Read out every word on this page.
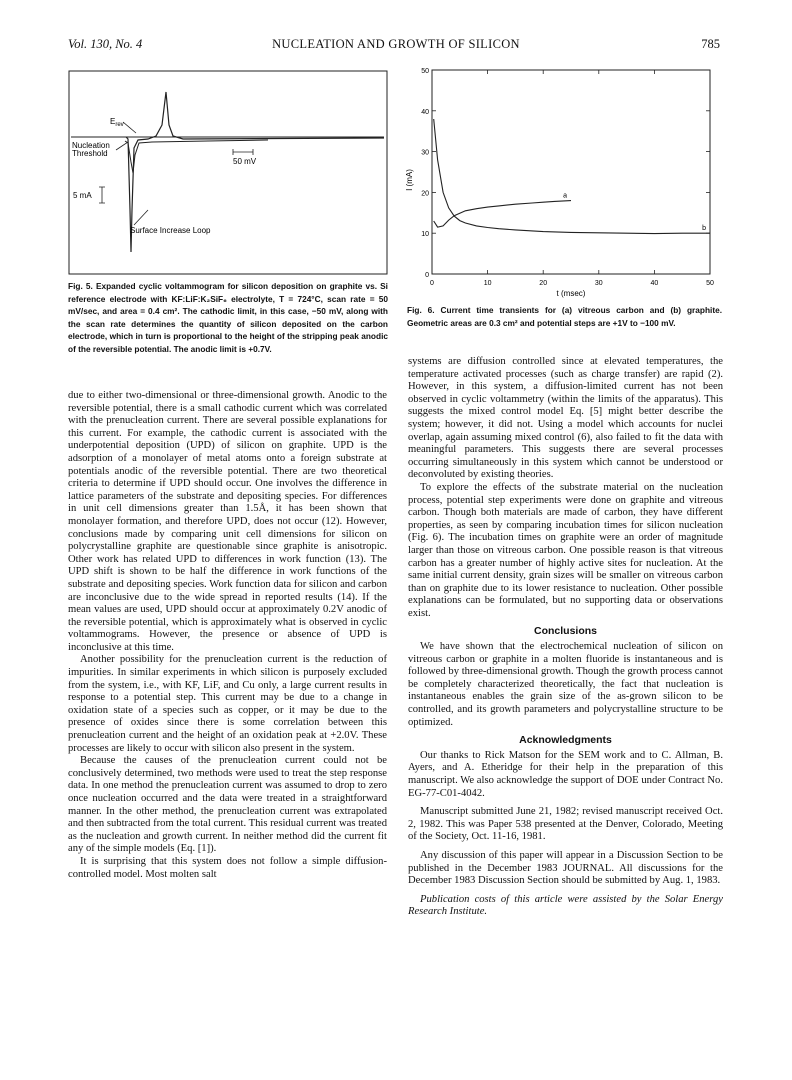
Vol. 130, No. 4	NUCLEATION AND GROWTH OF SILICON	785
$E_{rev}$
Nucleation
Threshold
50 mV
5 mA
Surface Increase Loop
Fig. 5. Expanded cyclic voltammogram for silicon deposition on graphite vs. Si reference electrode with KF:LiF:K₂SiF₆ electrolyte, T = 724°C, scan rate = 50 mV/sec, and area = 0.4 cm². The cathodic limit, in this case, −50 mV, along with the scan rate determines the quantity of silicon deposited on the carbon electrode, which in turn is proportional to the height of the stripping peak anodic of the reversible potential. The anodic limit is +0.7V.
0	10	20	30	40	50
0
10
20
30
40
50
a
b
t (msec)
I (mA)
Fig. 6. Current time transients for (a) vitreous carbon and (b) graphite. Geometric areas are 0.3 cm² and potential steps are +1V to −100 mV.

due to either two-dimensional or three-dimensional growth. Anodic to the reversible potential, there is a small cathodic current which was correlated with the prenucleation current. There are several possible explanations for this current. For example, the cathodic current is associated with the underpotential deposition (UPD) of silicon on graphite. UPD is the adsorption of a monolayer of metal atoms onto a foreign substrate at potentials anodic of the reversible potential. There are two theoretical criteria to determine if UPD should occur. One involves the difference in lattice parameters of the substrate and depositing species. For differences in unit cell dimensions greater than 1.5Å, it has been shown that monolayer formation, and therefore UPD, does not occur (12). However, conclusions made by comparing unit cell dimensions for silicon on polycrystalline graphite are questionable since graphite is anisotropic. Other work has related UPD to differences in work function (13). The UPD shift is shown to be half the difference in work functions of the substrate and depositing species. Work function data for silicon and carbon are inconclusive due to the wide spread in reported results (14). If the mean values are used, UPD should occur at approximately 0.2V anodic of the reversible potential, which is approximately what is observed in cyclic voltammograms. However, the presence or absence of UPD is inconclusive at this time.

Another possibility for the prenucleation current is the reduction of impurities. In similar experiments in which silicon is purposely excluded from the system, i.e., with KF, LiF, and Cu only, a large current results in response to a potential step. This current may be due to a change in oxidation state of a species such as copper, or it may be due to the presence of oxides since there is some correlation between this prenucleation current and the height of an oxidation peak at +2.0V. These processes are likely to occur with silicon also present in the system.

Because the causes of the prenucleation current could not be conclusively determined, two methods were used to treat the step response data. In one method the prenucleation current was assumed to drop to zero once nucleation occurred and the data were treated in a straightforward manner. In the other method, the prenucleation current was extrapolated and then subtracted from the total current. This residual current was treated as the nucleation and growth current. In neither method did the current fit any of the simple models (Eq. [1]).

It is surprising that this system does not follow a simple diffusion-controlled model. Most molten salt

systems are diffusion controlled since at elevated temperatures, the temperature activated processes (such as charge transfer) are rapid (2). However, in this system, a diffusion-limited current has not been observed in cyclic voltammetry (within the limits of the apparatus). This suggests the mixed control model Eq. [5] might better describe the system; however, it did not. Using a model which accounts for nuclei overlap, again assuming mixed control (6), also failed to fit the data with meaningful parameters. This suggests there are several processes occurring simultaneously in this system which cannot be understood or deconvoluted by existing theories.

To explore the effects of the substrate material on the nucleation process, potential step experiments were done on graphite and vitreous carbon. Though both materials are made of carbon, they have different properties, as seen by comparing incubation times for silicon nucleation (Fig. 6). The incubation times on graphite were an order of magnitude larger than those on vitreous carbon. One possible reason is that vitreous carbon has a greater number of highly active sites for nucleation. At the same initial current density, grain sizes will be smaller on vitreous carbon than on graphite due to its lower resistance to nucleation. Other possible explanations can be formulated, but no supporting data or observations exist.

Conclusions

We have shown that the electrochemical nucleation of silicon on vitreous carbon or graphite in a molten fluoride is instantaneous and is followed by three-dimensional growth. Though the growth process cannot be completely characterized theoretically, the fact that nucleation is instantaneous enables the grain size of the as-grown silicon to be controlled, and its growth parameters and polycrystalline structure to be optimized.

Acknowledgments

Our thanks to Rick Matson for the SEM work and to C. Allman, B. Ayers, and A. Etheridge for their help in the preparation of this manuscript. We also acknowledge the support of DOE under Contract No. EG-77-C01-4042.

Manuscript submitted June 21, 1982; revised manuscript received Oct. 2, 1982. This was Paper 538 presented at the Denver, Colorado, Meeting of the Society, Oct. 11-16, 1981.

Any discussion of this paper will appear in a Discussion Section to be published in the December 1983 JOURNAL. All discussions for the December 1983 Discussion Section should be submitted by Aug. 1, 1983.

Publication costs of this article were assisted by the Solar Energy Research Institute.
